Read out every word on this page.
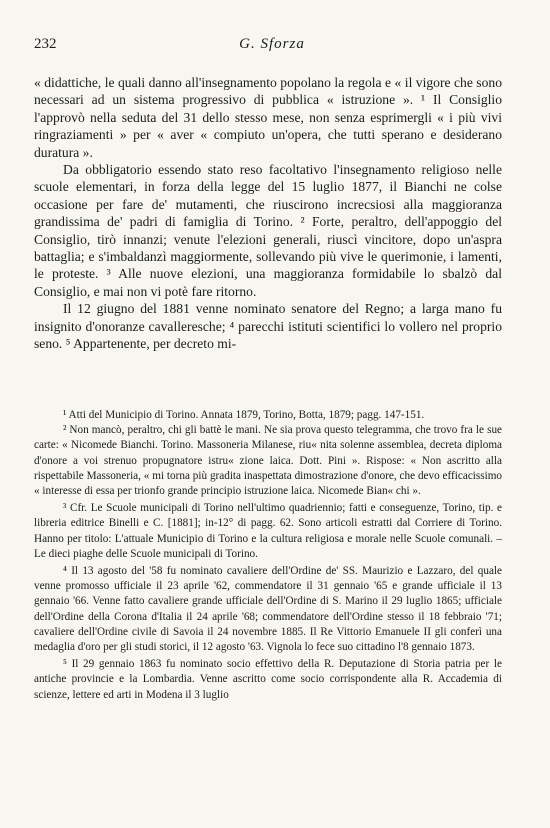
232	G. Sforza

« didattiche, le quali danno all'insegnamento popolano la regola e « il vigore che sono necessari ad un sistema progressivo di pubblica « istruzione ». ¹ Il Consiglio l'approvò nella seduta del 31 dello stesso mese, non senza esprimergli « i più vivi ringraziamenti » per « aver « compiuto un'opera, che tutti sperano e desiderano duratura ».

Da obbligatorio essendo stato reso facoltativo l'insegnamento religioso nelle scuole elementari, in forza della legge del 15 luglio 1877, il Bianchi ne colse occasione per fare de' mutamenti, che riuscirono increcsiosi alla maggioranza grandissima de' padri di famiglia di Torino. ² Forte, peraltro, dell'appoggio del Consiglio, tirò innanzi; venute l'elezioni generali, riuscì vincitore, dopo un'aspra battaglia; e s'imbaldanzì maggiormente, sollevando più vive le querimonie, i lamenti, le proteste. ³ Alle nuove elezioni, una maggioranza formidabile lo sbalzò dal Consiglio, e mai non vi potè fare ritorno.

Il 12 giugno del 1881 venne nominato senatore del Regno; a larga mano fu insignito d'onoranze cavalleresche; ⁴ parecchi istituti scientifici lo vollero nel proprio seno. ⁵ Appartenente, per decreto mi-

¹ Atti del Municipio di Torino. Annata 1879, Torino, Botta, 1879; pagg. 147-151.

² Non mancò, peraltro, chi gli battè le mani. Ne sia prova questo telegramma, che trovo fra le sue carte: « Nicomede Bianchi. Torino. Massoneria Milanese, riu« nita solenne assemblea, decreta diploma d'onore a voi strenuo propugnatore istru« zione laica. Dott. Pini ». Rispose: « Non ascritto alla rispettabile Massoneria, « mi torna più gradita inaspettata dimostrazione d'onore, che devo efficacissimo « interesse di essa per trionfo grande principio istruzione laica. Nicomede Bian« chi ».

³ Cfr. Le Scuole municipali di Torino nell'ultimo quadriennio; fatti e conseguenze, Torino, tip. e libreria editrice Binelli e C. [1881]; in-12° di pagg. 62. Sono articoli estratti dal Corriere di Torino. Hanno per titolo: L'attuale Municipio di Torino e la cultura religiosa e morale nelle Scuole comunali. – Le dieci piaghe delle Scuole municipali di Torino.

⁴ Il 13 agosto del '58 fu nominato cavaliere dell'Ordine de' SS. Maurizio e Lazzaro, del quale venne promosso ufficiale il 23 aprile '62, commendatore il 31 gennaio '65 e grande ufficiale il 13 gennaio '66. Venne fatto cavaliere grande ufficiale dell'Ordine di S. Marino il 29 luglio 1865; ufficiale dell'Ordine della Corona d'Italia il 24 aprile '68; commendatore dell'Ordine stesso il 18 febbraio '71; cavaliere dell'Ordine civile di Savoia il 24 novembre 1885. Il Re Vittorio Emanuele II gli conferì una medaglia d'oro per gli studi storici, il 12 agosto '63. Vignola lo fece suo cittadino l'8 gennaio 1873.

⁵ Il 29 gennaio 1863 fu nominato socio effettivo della R. Deputazione di Storia patria per le antiche provincie e la Lombardia. Venne ascritto come socio corrispondente alla R. Accademia di scienze, lettere ed arti in Modena il 3 luglio
